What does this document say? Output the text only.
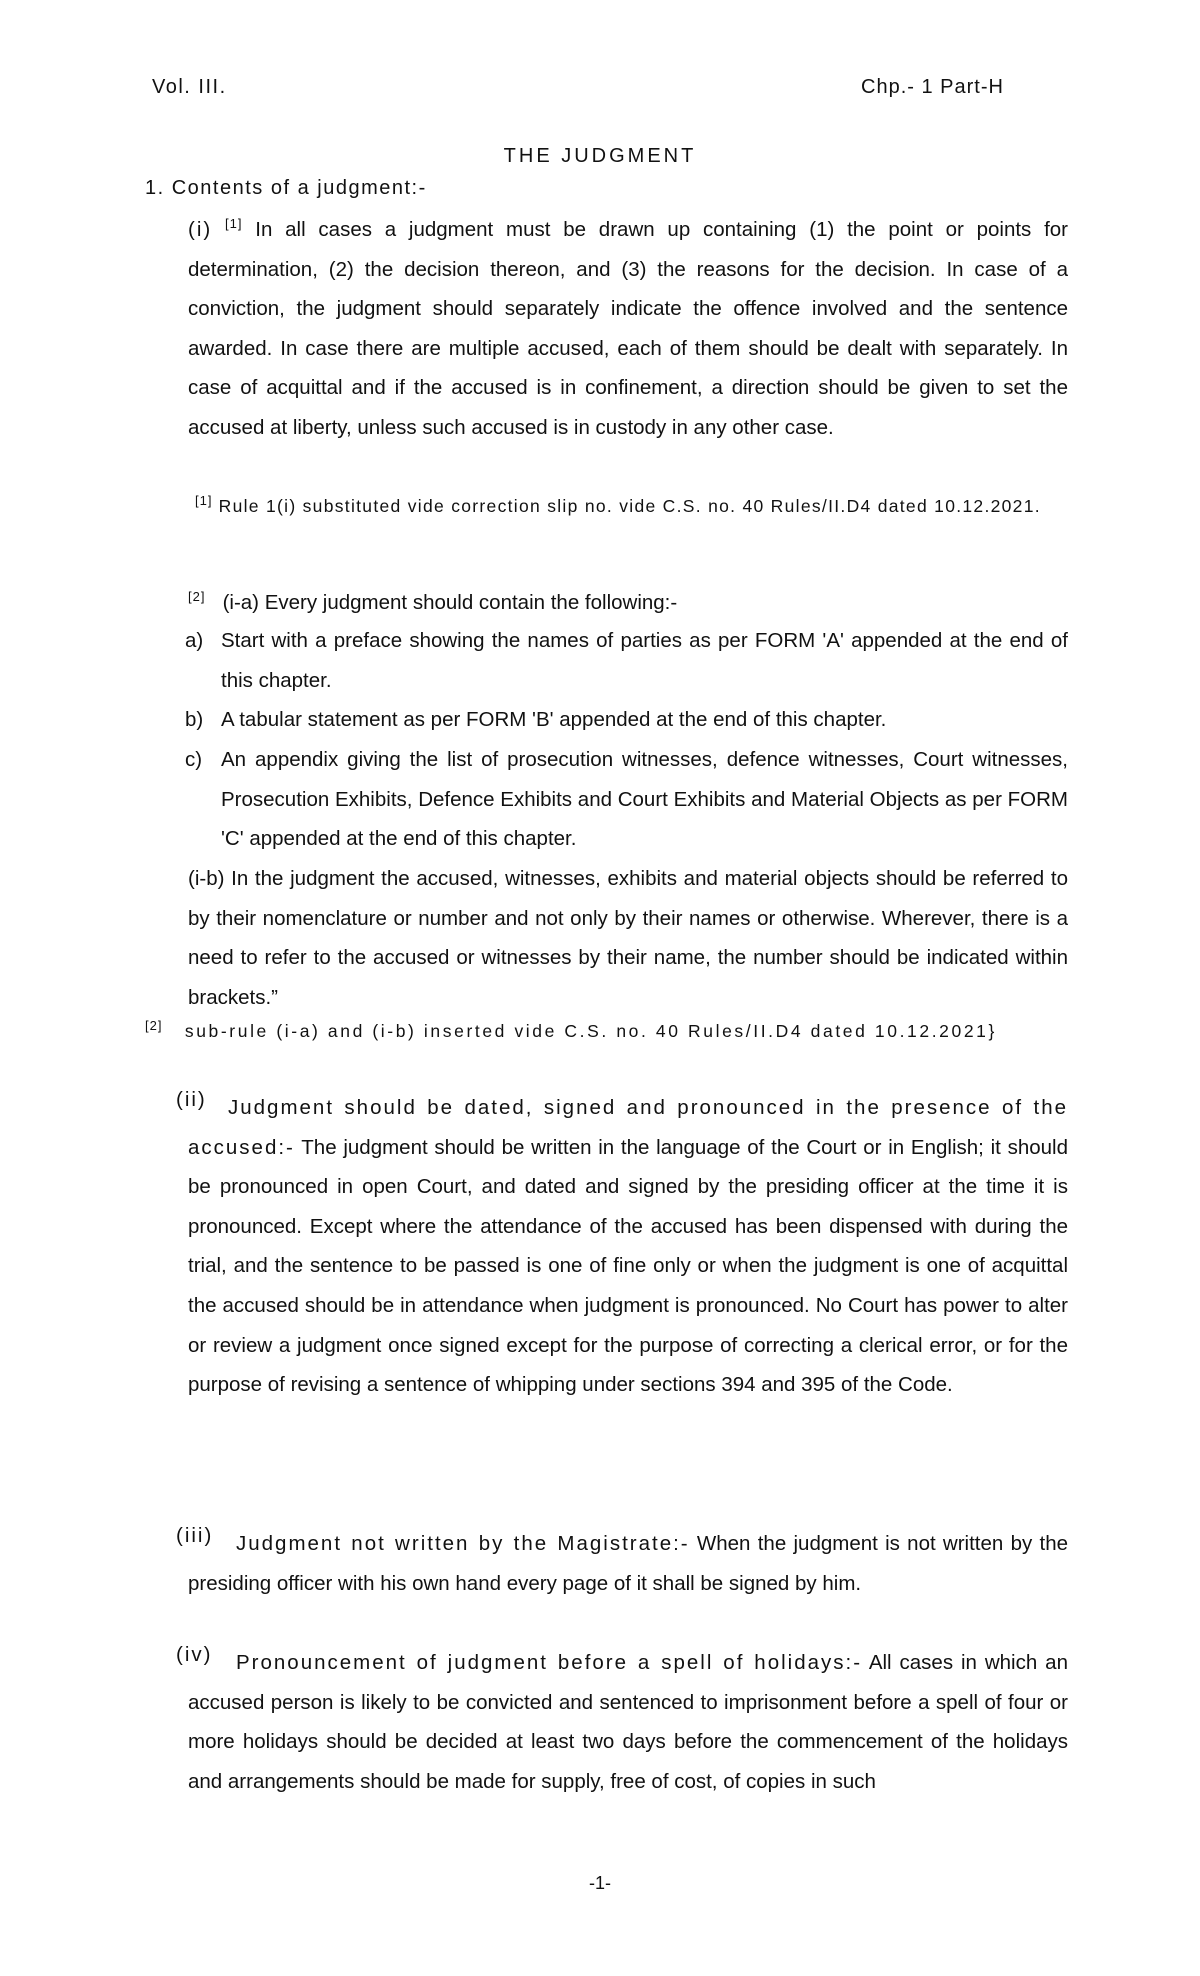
Vol. III.	Chp.- 1 Part-H
THE JUDGMENT
1. Contents of a judgment:-

(i) [1] In all cases a judgment must be drawn up containing (1) the point or points for determination, (2) the decision thereon, and (3) the reasons for the decision. In case of a conviction, the judgment should separately indicate the offence involved and the sentence awarded. In case there are multiple accused, each of them should be dealt with separately. In case of acquittal and if the accused is in confinement, a direction should be given to set the accused at liberty, unless such accused is in custody in any other case.

[1] Rule 1(i) substituted vide correction slip no. vide C.S. no. 40 Rules/II.D4 dated 10.12.2021.

[2] (i-a) Every judgment should contain the following:-
a) Start with a preface showing the names of parties as per FORM 'A' appended at the end of this chapter.
b) A tabular statement as per FORM 'B' appended at the end of this chapter.
c) An appendix giving the list of prosecution witnesses, defence witnesses, Court witnesses, Prosecution Exhibits, Defence Exhibits and Court Exhibits and Material Objects as per FORM 'C' appended at the end of this chapter.

(i-b) In the judgment the accused, witnesses, exhibits and material objects should be referred to by their nomenclature or number and not only by their names or otherwise. Wherever, there is a need to refer to the accused or witnesses by their name, the number should be indicated within brackets.”

[2] sub-rule (i-a) and (i-b) inserted vide C.S. no. 40 Rules/II.D4 dated 10.12.2021}

(ii)	Judgment should be dated, signed and pronounced in the presence of the accused:- The judgment should be written in the language of the Court or in English; it should be pronounced in open Court, and dated and signed by the presiding officer at the time it is pronounced. Except where the attendance of the accused has been dispensed with during the trial, and the sentence to be passed is one of fine only or when the judgment is one of acquittal the accused should be in attendance when judgment is pronounced. No Court has power to alter or review a judgment once signed except for the purpose of correcting a clerical error, or for the purpose of revising a sentence of whipping under sections 394 and 395 of the Code.

(iii)	Judgment not written by the Magistrate:- When the judgment is not written by the presiding officer with his own hand every page of it shall be signed by him.

(iv)	Pronouncement of judgment before a spell of holidays:- All cases in which an accused person is likely to be convicted and sentenced to imprisonment before a spell of four or more holidays should be decided at least two days before the commencement of the holidays and arrangements should be made for supply, free of cost, of copies in such

-1-
